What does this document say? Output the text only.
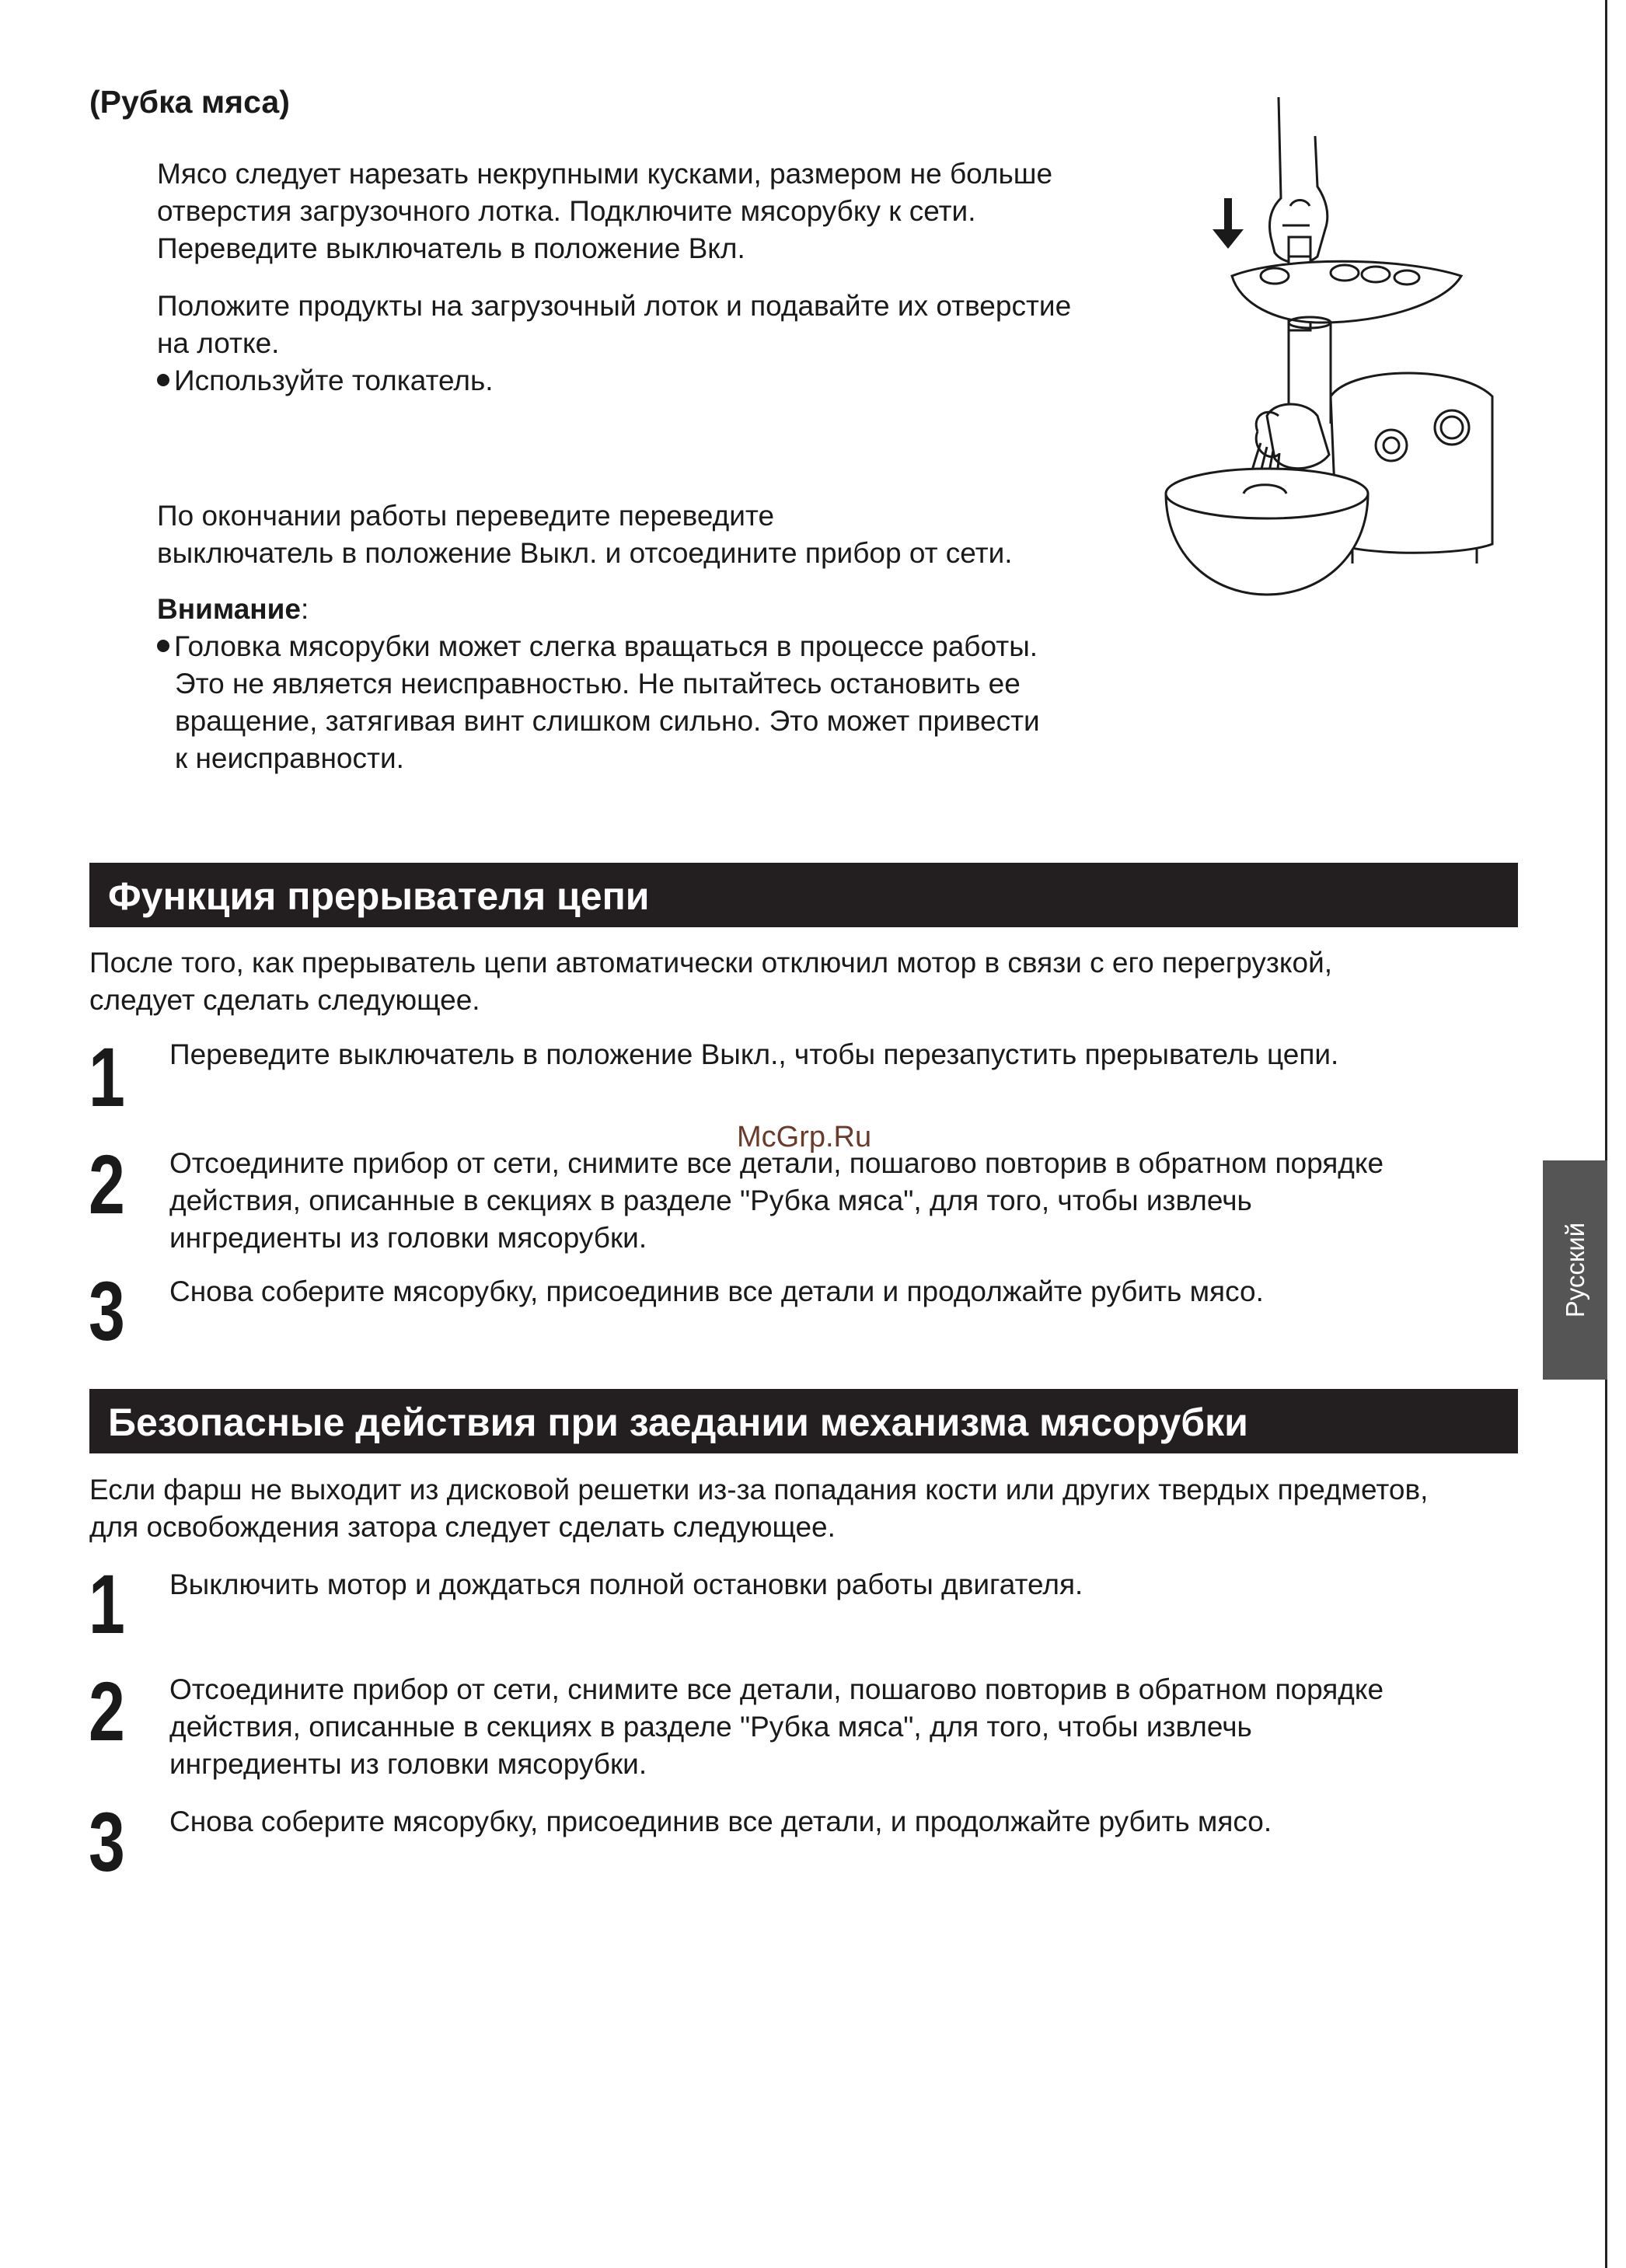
(Рубка мяса)
Мясо следует нарезать некрупными кусками, размером не больше
отверстия загрузочного лотка. Подключите мясорубку к сети.
Переведите выключатель в положение Вкл.
Положите продукты на загрузочный лоток и подавайте их отверстие
на лотке.
Используйте толкатель.
По окончании работы переведите переведите
выключатель в положение Выкл. и отсоедините прибор от сети.
Внимание:
Головка мясорубки может слегка вращаться в процессе работы.
Это не является неисправностью. Не пытайтесь остановить ее
вращение, затягивая винт слишком сильно. Это может привести
к неисправности.
Функция прерывателя цепи
После того, как прерыватель цепи автоматически отключил мотор в связи с его перегрузкой,
следует сделать следующее.
1 Переведите выключатель в положение Выкл., чтобы перезапустить прерыватель цепи.
2 Отсоедините прибор от сети, снимите все детали, пошагово повторив в обратном порядке
действия, описанные в секциях в разделе "Рубка мяса", для того, чтобы извлечь
ингредиенты из головки мясорубки.
3 Снова соберите мясорубку, присоединив все детали и продолжайте рубить мясо.
Безопасные действия при заедании механизма мясорубки
Если фарш не выходит из дисковой решетки из-за попадания кости или других твердых предметов,
для освобождения затора следует сделать следующее.
1 Выключить мотор и дождаться полной остановки работы двигателя.
2 Отсоедините прибор от сети, снимите все детали, пошагово повторив в обратном порядке
действия, описанные в секциях в разделе "Рубка мяса", для того, чтобы извлечь
ингредиенты из головки мясорубки.
3 Снова соберите мясорубку, присоединив все детали, и продолжайте рубить мясо.
Русский
McGrp.Ru
